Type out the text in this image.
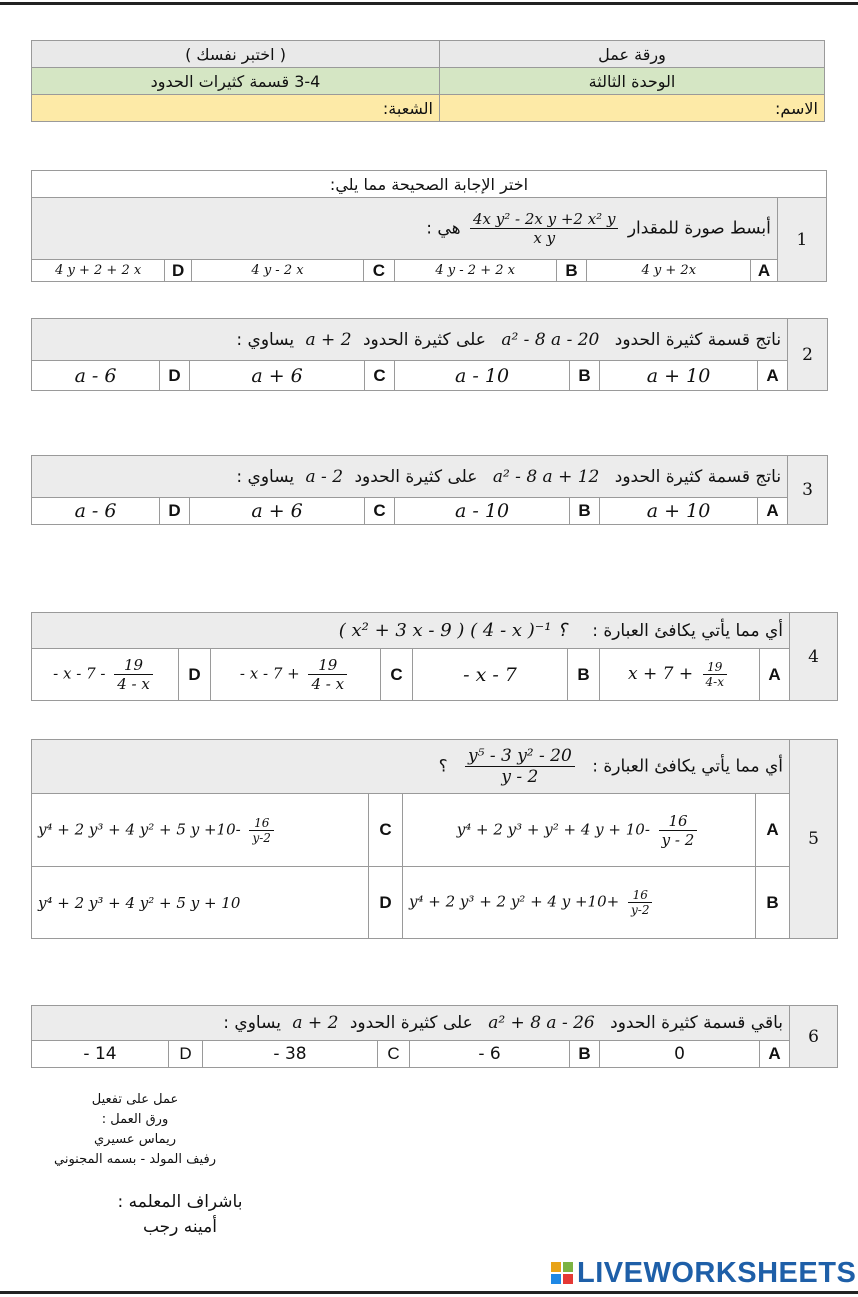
( اختبر نفسك )	ورقة عمل
3-4 قسمة كثيرات الحدود	الوحدة الثالثة
الشعبة:	الاسم:
اختر الإجابة الصحيحة مما يلي:								
1	أبسط صورة للمقدار
$\frac{\text{4x y² - 2x y +2 x² y}}{\text{x y}}$
هي :							
	A	4 y + 2x	B	4 y - 2 + 2 x	C	4 y - 2 x	D	4 y + 2 + 2 x
2	ناتج قسمة كثيرة الحدود a² - 8 a - 20 على كثيرة الحدود a + 2 يساوي :							
	A	a + 10	B	a - 10	C	a + 6	D	a - 6
3	ناتج قسمة كثيرة الحدود a² - 8 a + 12 على كثيرة الحدود a - 2 يساوي :							
	A	a + 10	B	a - 10	C	a + 6	D	a - 6
4	أي مما يأتي يكافئ العبارة : ( x² + 3 x - 9 ) ( 4 - x )⁻¹ ؟							
	A	$x + 7 + \frac{19}{4-x}$	B	- x - 7	C	- $x - 7 + \frac{19}{4 - x}$	D	- x - $7 - \frac{19}{4 - x}$
5	أي مما يأتي يكافئ العبارة :
$\frac{\text{y⁵ - 3 y² - 20}}{y - 2}$
؟			
	A	y⁴ + 2 y³ + y² + 4 $y + 10- \frac{16}{y - 2}$	C	y⁴ + 2 y³ + 4 y² + 5 $y +10- \frac{16}{y-2}$

	B	y⁴ + 2 y³ + 2 y² + 4 $y +10+ \frac{16}{y-2}$	D	y⁴ + 2 y³ + 4 y² + 5 y + 10
6	باقي قسمة كثيرة الحدود a² + 8 a - 26 على كثيرة الحدود a + 2 يساوي :							
	A	0	B	- 6	C	- 38	D	- 14
عمل على تفعيل
ورق العمل :
ريماس عسيري
رفيف المولد - بسمه المجنوني
باشراف المعلمه :
أمينه رجب
LIVEWORKSHEETS
